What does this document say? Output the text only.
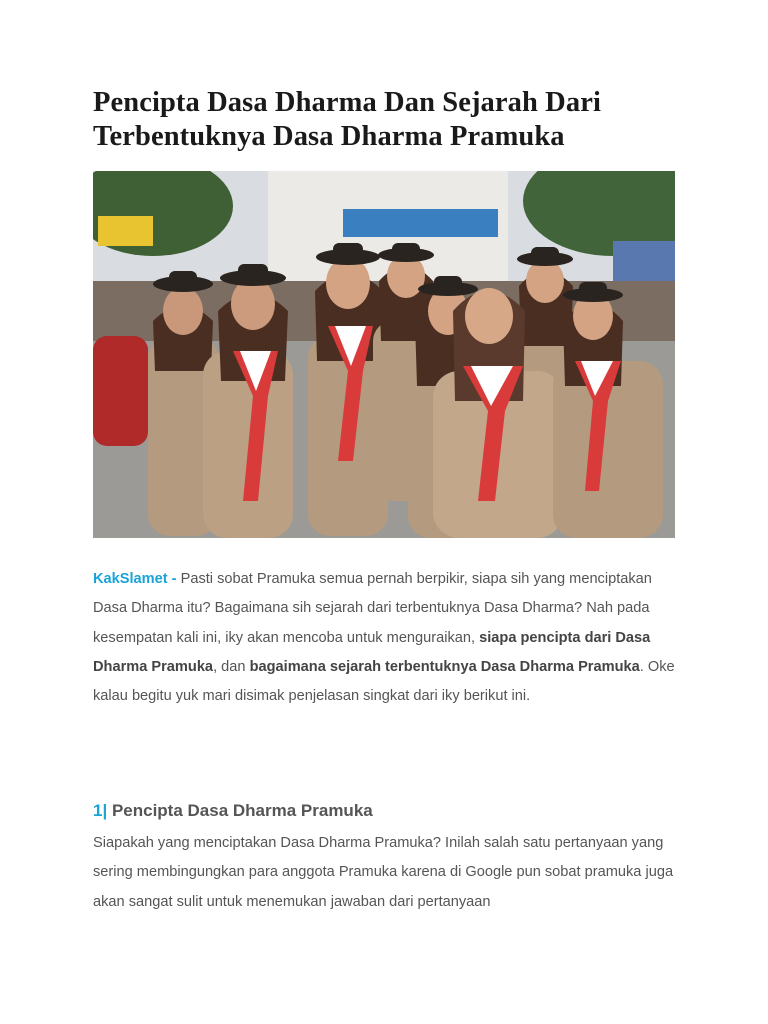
Pencipta Dasa Dharma Dan Sejarah Dari Terbentuknya Dasa Dharma Pramuka

KakSlamet - Pasti sobat Pramuka semua pernah berpikir, siapa sih yang menciptakan Dasa Dharma itu? Bagaimana sih sejarah dari terbentuknya Dasa Dharma? Nah pada kesempatan kali ini, iky akan mencoba untuk menguraikan, siapa pencipta dari Dasa Dharma Pramuka, dan bagaimana sejarah terbentuknya Dasa Dharma Pramuka. Oke kalau begitu yuk mari disimak penjelasan singkat dari iky berikut ini.

1| Pencipta Dasa Dharma Pramuka

Siapakah yang menciptakan Dasa Dharma Pramuka? Inilah salah satu pertanyaan yang sering membingungkan para anggota Pramuka karena di Google pun sobat pramuka juga akan sangat sulit untuk menemukan jawaban dari pertanyaan
